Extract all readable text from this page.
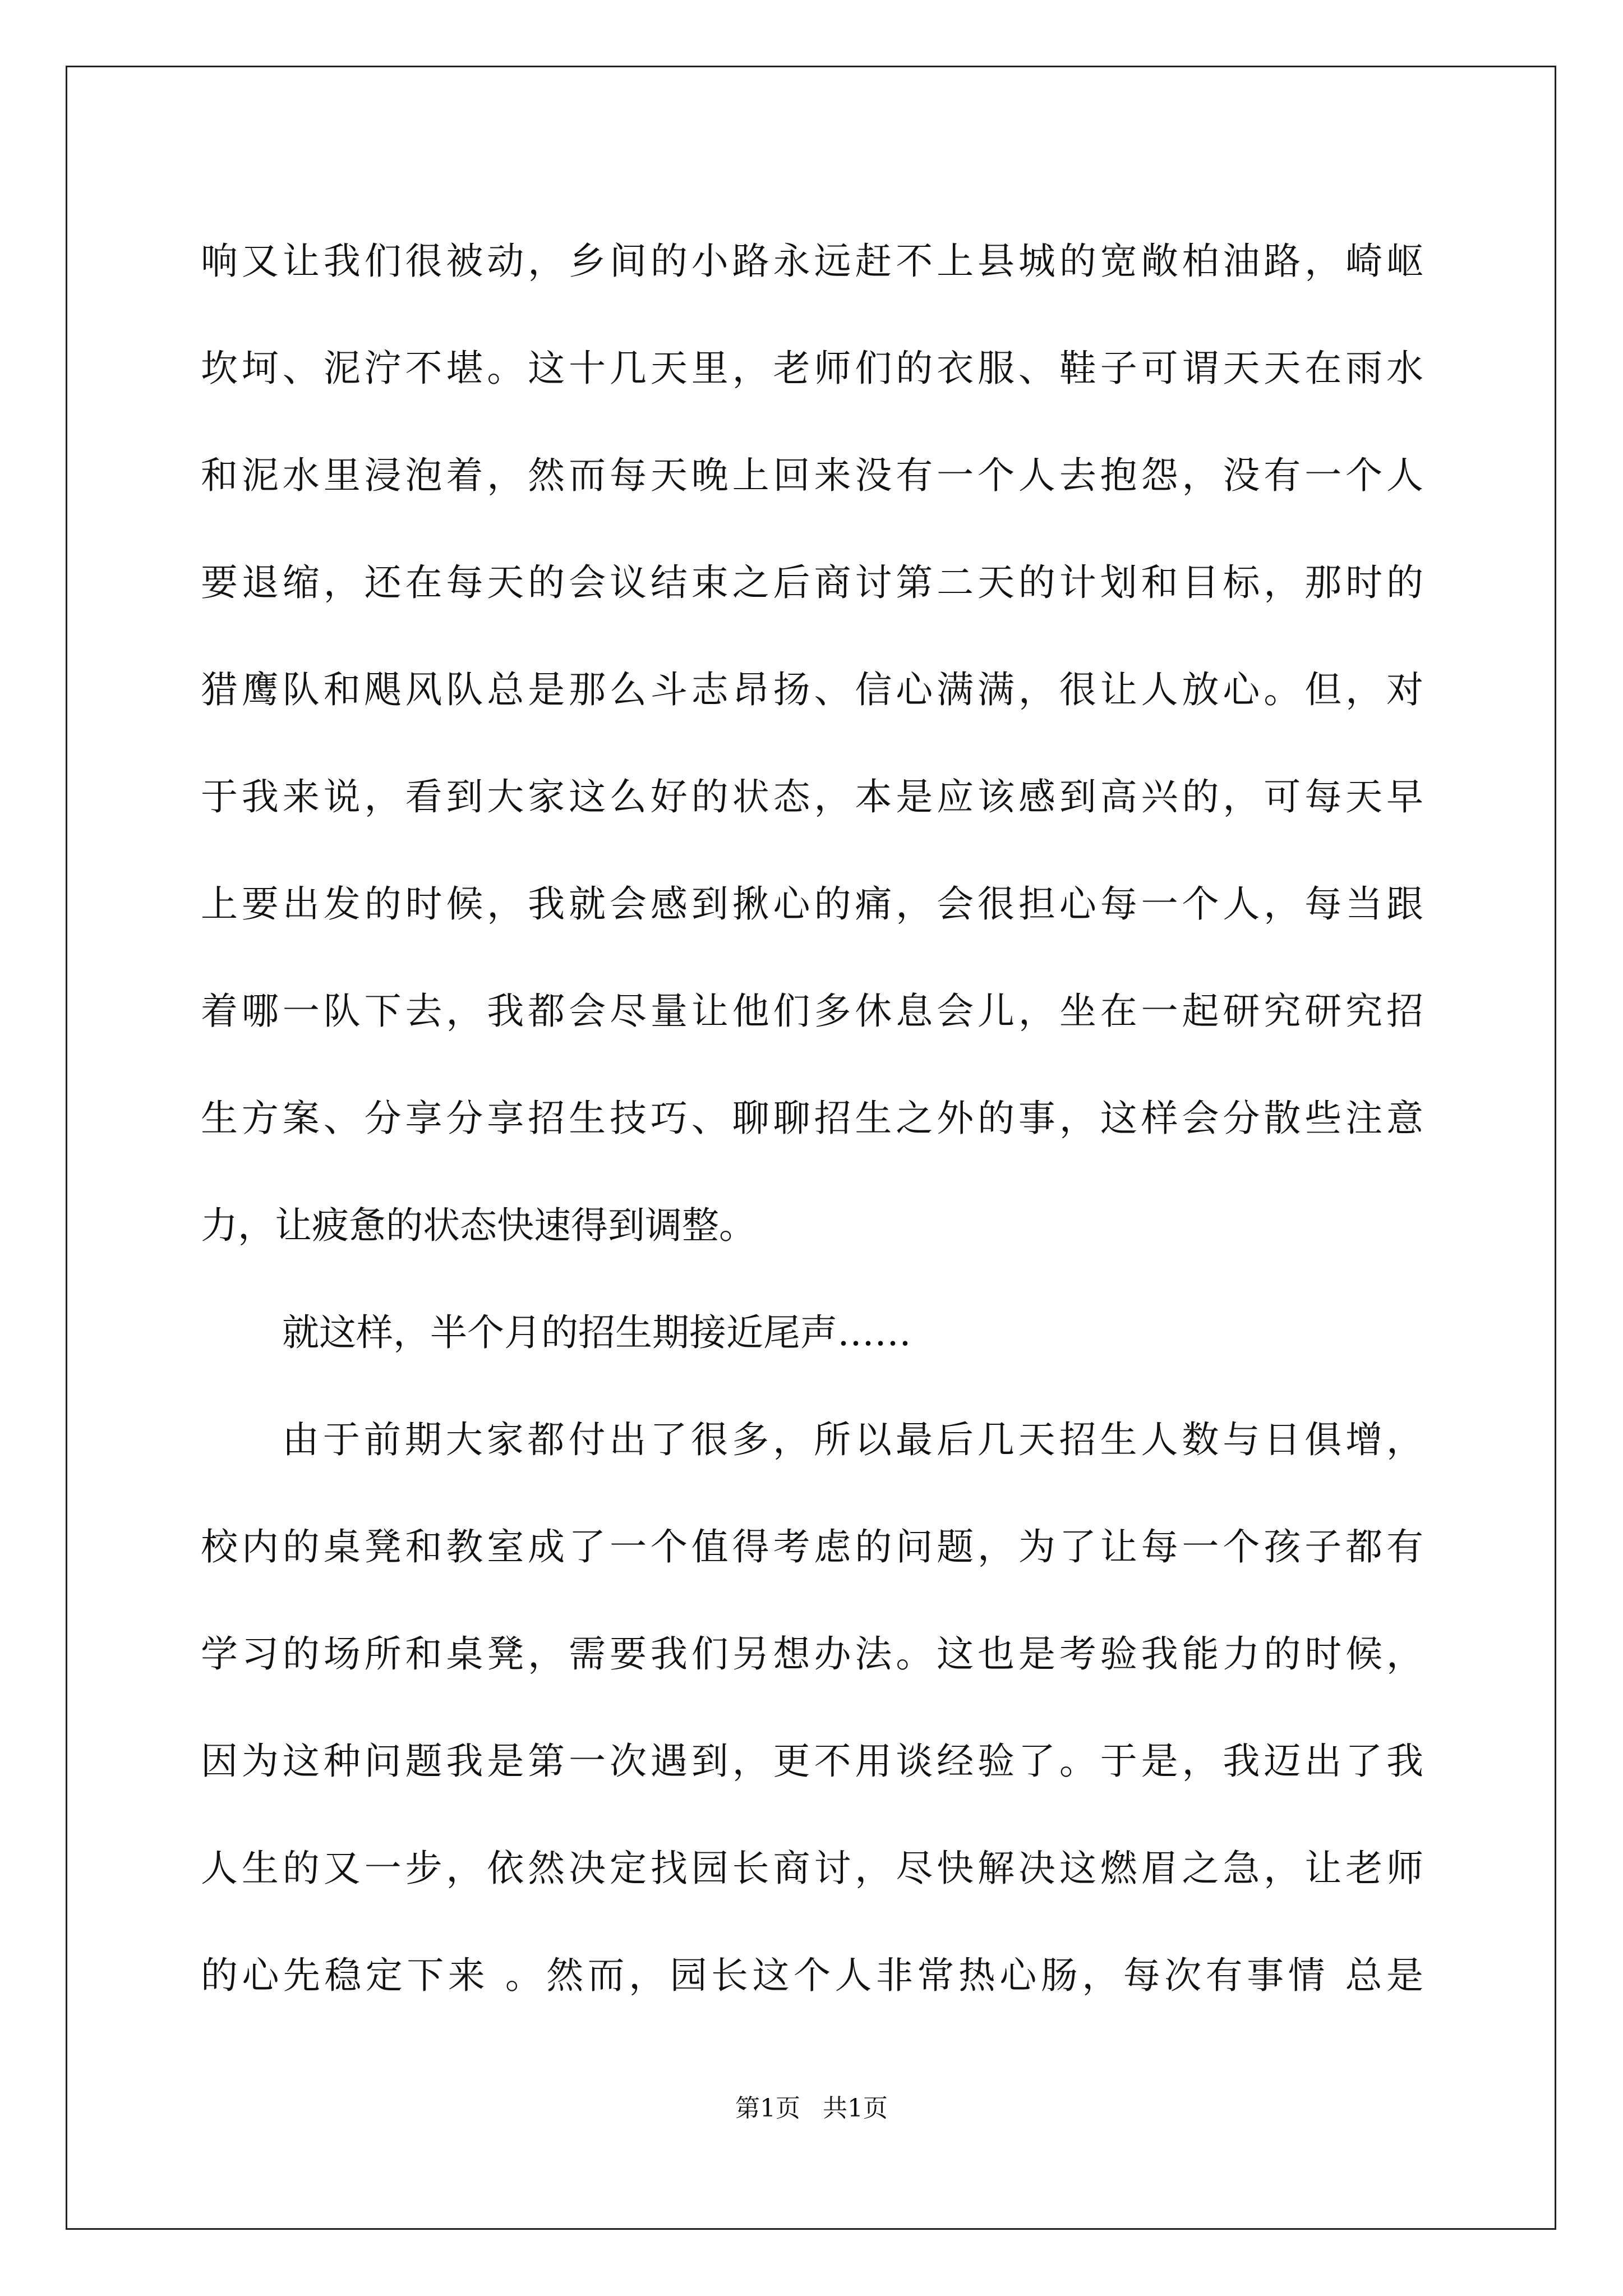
响又让我们很被动，乡间的小路永远赶不上县城的宽敞柏油路，崎岖
坎坷、泥泞不堪。这十几天里，老师们的衣服、鞋子可谓天天在雨水
和泥水里浸泡着，然而每天晚上回来没有一个人去抱怨，没有一个人
要退缩，还在每天的会议结束之后商讨第二天的计划和目标，那时的
猎鹰队和飓风队总是那么斗志昂扬、信心满满，很让人放心。但，对
于我来说，看到大家这么好的状态，本是应该感到高兴的，可每天早
上要出发的时候，我就会感到揪心的痛，会很担心每一个人，每当跟
着哪一队下去，我都会尽量让他们多休息会儿，坐在一起研究研究招
生方案、分享分享招生技巧、聊聊招生之外的事，这样会分散些注意
力，让疲惫的状态快速得到调整。
就这样，半个月的招生期接近尾声……
由于前期大家都付出了很多，所以最后几天招生人数与日俱增，
校内的桌凳和教室成了一个值得考虑的问题，为了让每一个孩子都有
学习的场所和桌凳，需要我们另想办法。这也是考验我能力的时候，
因为这种问题我是第一次遇到，更不用谈经验了。于是，我迈出了我
人生的又一步，依然决定找园长商讨，尽快解决这燃眉之急，让老师
的心先稳定下来 。然而，园长这个人非常热心肠，每次有事情 总是
第1页 共1页
